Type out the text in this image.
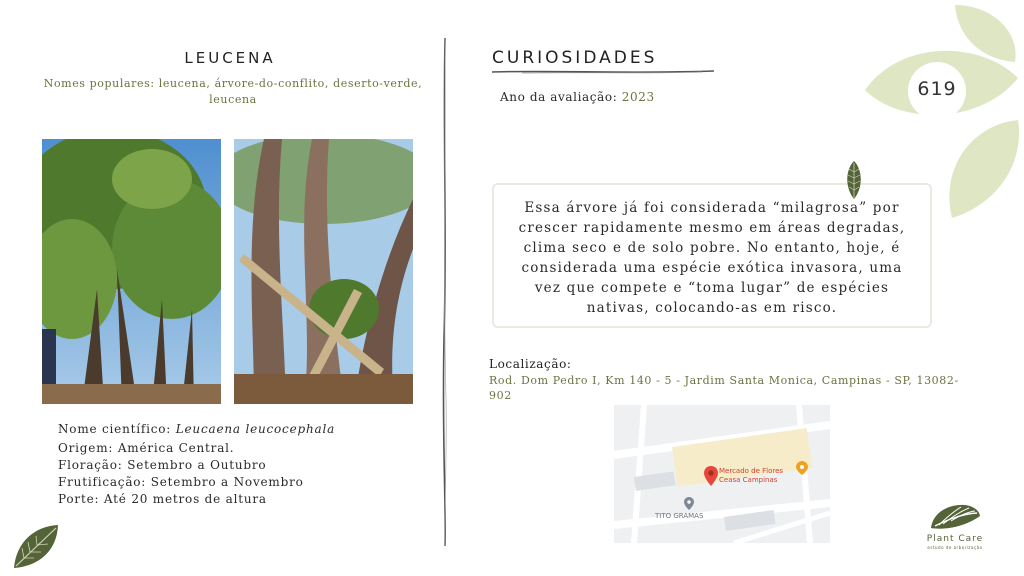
619
LEUCENA
Nomes populares: leucena, árvore-do-conflito, deserto-verde, leucena
Nome científico: Leucaena leucocephala
Origem: América Central.
Floração: Setembro a Outubro
Frutificação: Setembro a Novembro
Porte: Até 20 metros de altura
CURIOSIDADES
Ano da avaliação: 2023
Essa árvore já foi considerada “milagrosa” por crescer rapidamente mesmo em áreas degradas, clima seco e de solo pobre. No entanto, hoje, é considerada uma espécie exótica invasora, uma vez que compete e “toma lugar” de espécies nativas, colocando-as em risco.
Localização:
Rod. Dom Pedro I, Km 140 - 5 - Jardim Santa Monica, Campinas - SP, 13082-902
Mercado de Flores
Ceasa Campinas
TITO GRAMAS
Plant Care
estudo de arborização
